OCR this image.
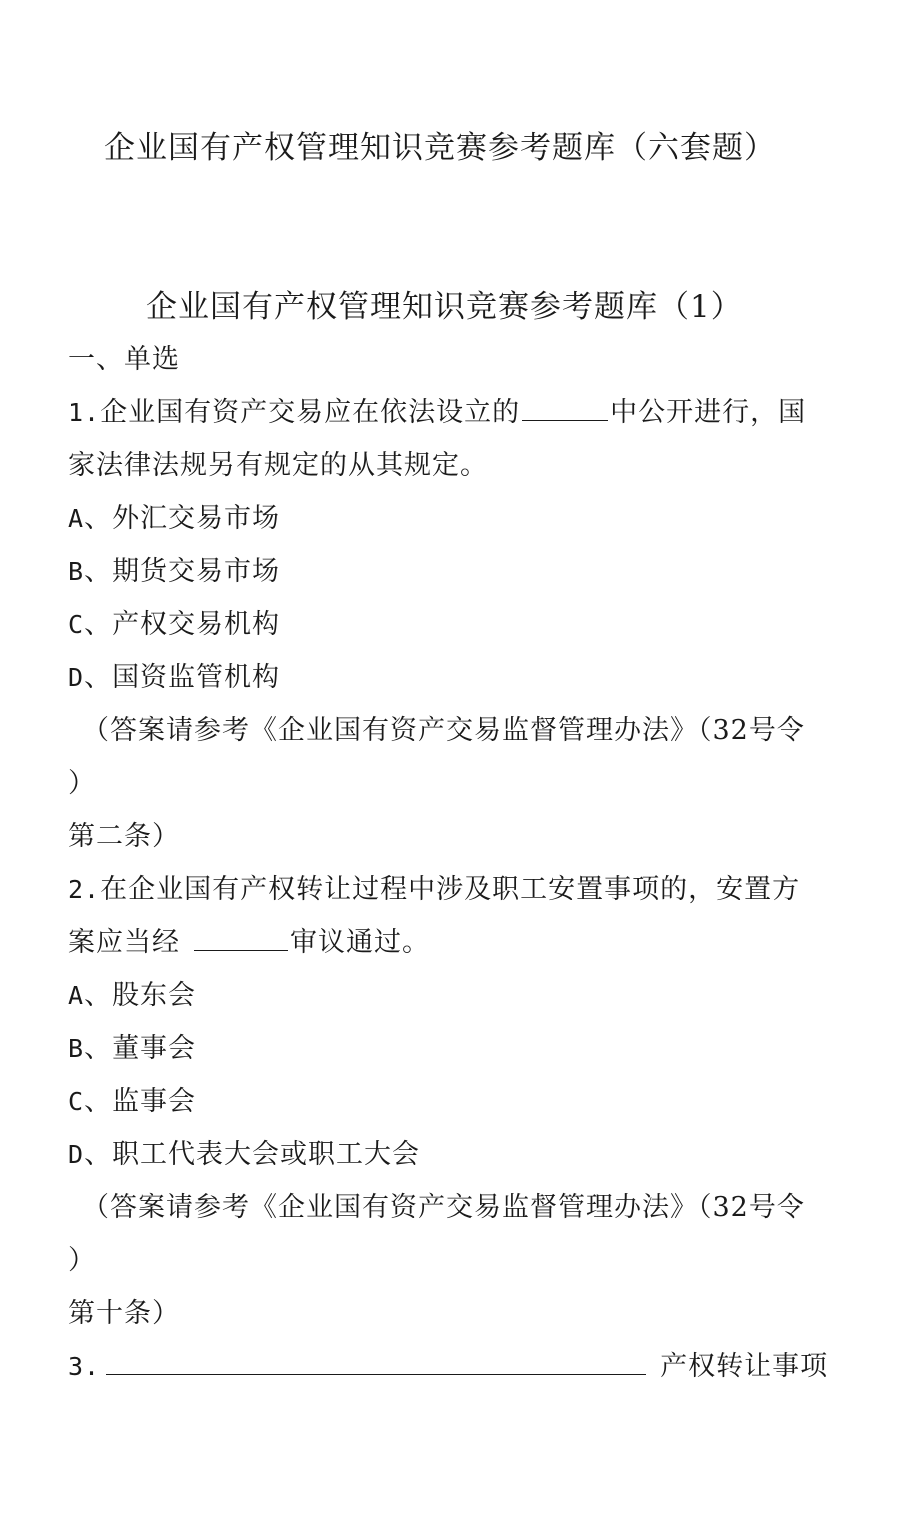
企业国有产权管理知识竞赛参考题库（六套题）
企业国有产权管理知识竞赛参考题库（1）
一、单选
1.企业国有资产交易应在依法设立的	中公开进行，国
家法律法规另有规定的从其规定。
A、外汇交易市场
B、期货交易市场
C、产权交易机构
D、国资监管机构
（答案请参考《企业国有资产交易监督管理办法》（32号令
）
第二条）
2.在企业国有产权转让过程中涉及职工安置事项的，安置方
案应当经	审议通过。
A、股东会
B、董事会
C、监事会
D、职工代表大会或职工大会
（答案请参考《企业国有资产交易监督管理办法》（32号令
）
第十条）
3.	产权转让事项
